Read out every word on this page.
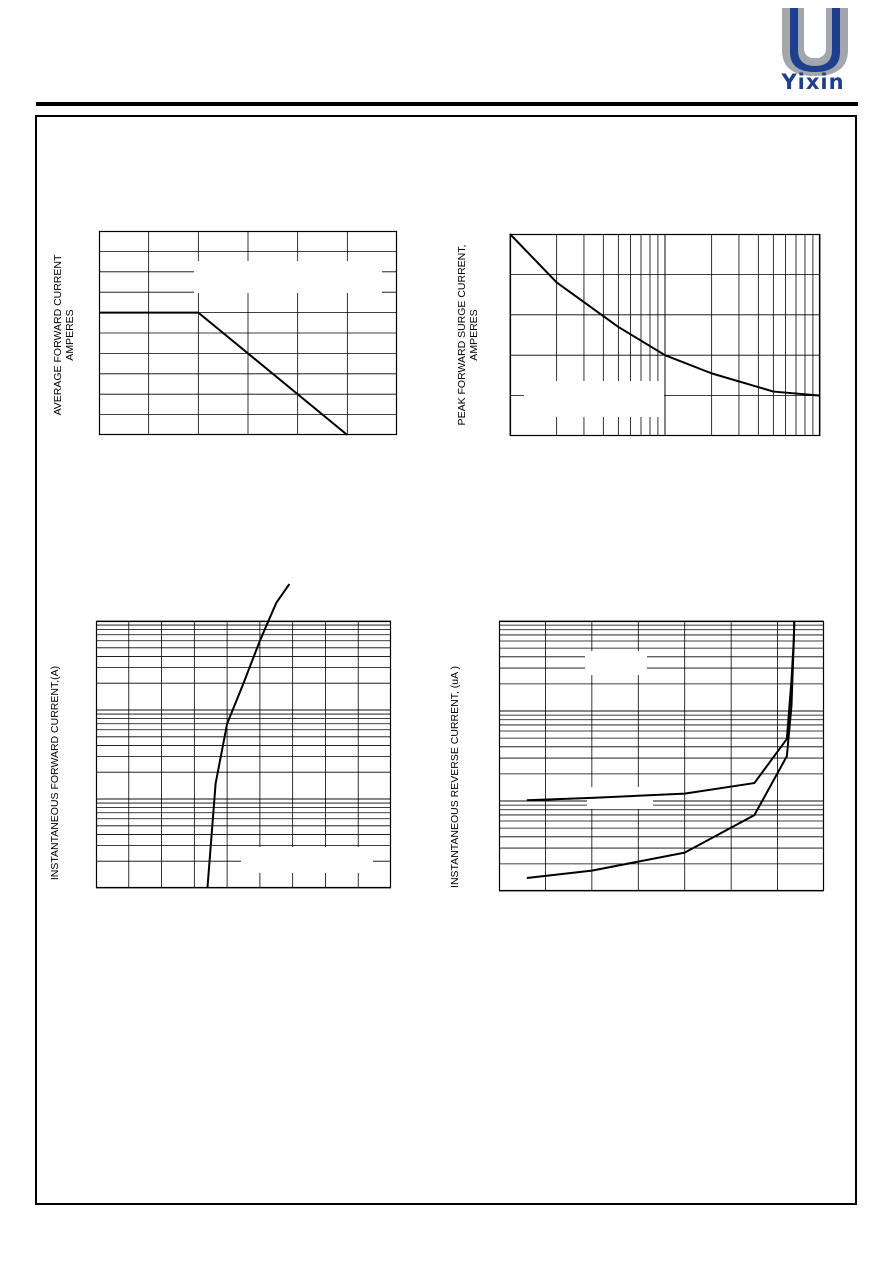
Yixin
AVERAGE FORWARD CURRENT AMPERES	PEAK FORWARD SURGE CURRENT, AMPERES
INSTANTANEOUS FORWARD CURRENT,(A)	INSTANTANEOUS REVERSE CURRENT, (uA )
